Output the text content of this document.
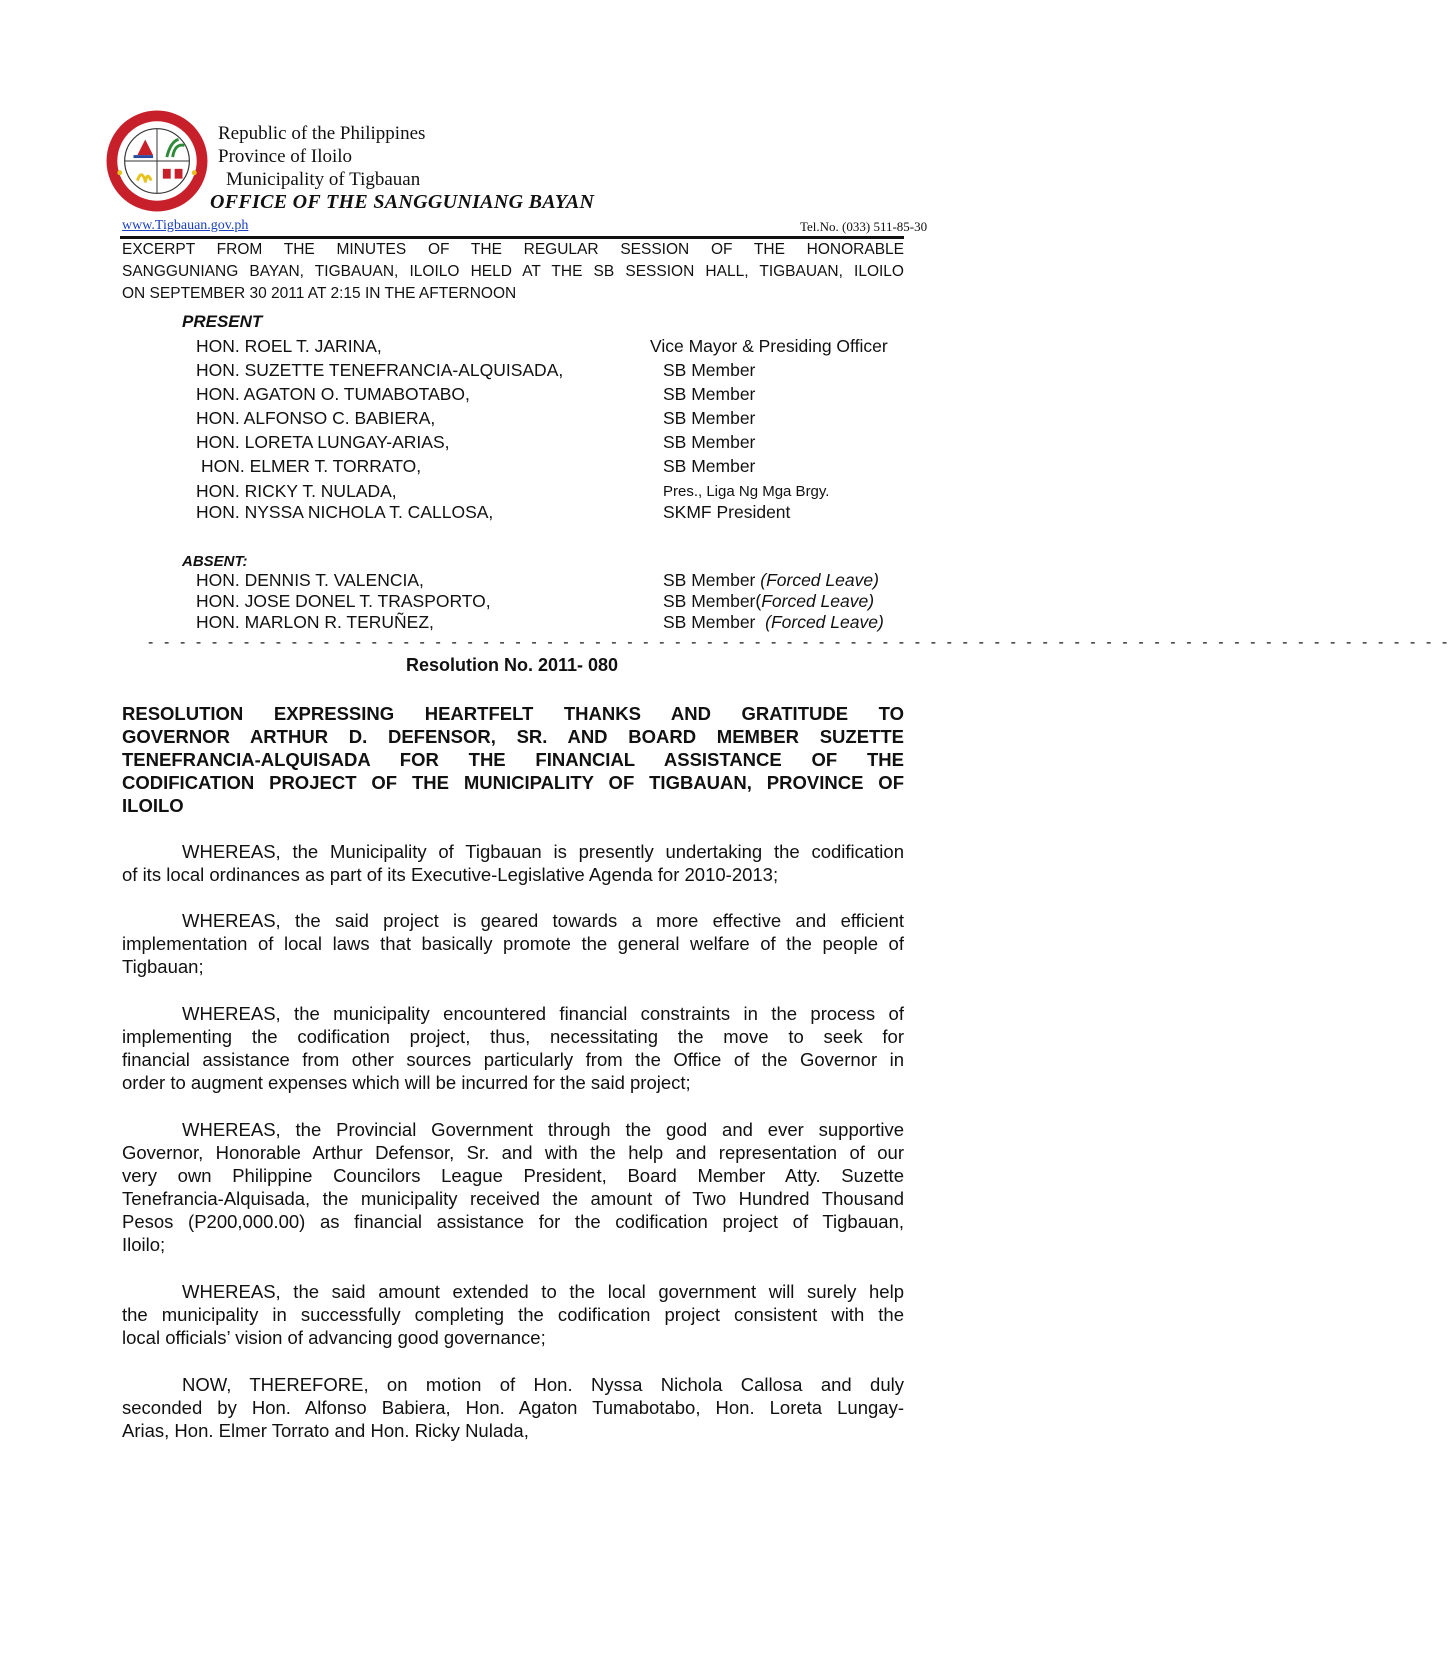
Republic of the Philippines
Province of Iloilo
Municipality of Tigbauan
OFFICE OF THE SANGGUNIANG BAYAN
www.Tigbauan.gov.ph	Tel.No. (033) 511-85-30
EXCERPT FROM THE MINUTES OF THE REGULAR SESSION OF THE HONORABLE
SANGGUNIANG BAYAN, TIGBAUAN, ILOILO HELD AT THE SB SESSION HALL, TIGBAUAN, ILOILO
ON SEPTEMBER 30 2011 AT 2:15 IN THE AFTERNOON
PRESENT
HON. ROEL T. JARINA,	Vice Mayor & Presiding Officer
HON. SUZETTE TENEFRANCIA-ALQUISADA,	SB Member
HON. AGATON O. TUMABOTABO,	SB Member
HON. ALFONSO C. BABIERA,	SB Member
HON. LORETA LUNGAY-ARIAS,	SB Member
HON. ELMER T. TORRATO,	SB Member
HON. RICKY T. NULADA,	Pres., Liga Ng Mga Brgy.
HON. NYSSA NICHOLA T. CALLOSA,	SKMF President
ABSENT:
HON. DENNIS T. VALENCIA,	SB Member (Forced Leave)
HON. JOSE DONEL T. TRASPORTO,	SB Member(Forced Leave)
HON. MARLON R. TERUÑEZ,	SB Member  (Forced Leave)
- - - - - - - - - - - - - - - - - - - - - - - - - - - - - - - - - - - - - - - - - - - - - - - - - - - - - - - - - - - - - - - - - - - - - - - - - - - - - - - - - -
Resolution No. 2011- 080
RESOLUTION EXPRESSING HEARTFELT THANKS AND GRATITUDE TO
GOVERNOR ARTHUR D. DEFENSOR, SR. AND BOARD MEMBER SUZETTE
TENEFRANCIA-ALQUISADA FOR THE FINANCIAL ASSISTANCE OF THE
CODIFICATION PROJECT OF THE MUNICIPALITY OF TIGBAUAN, PROVINCE OF
ILOILO
WHEREAS, the Municipality of Tigbauan is presently undertaking the codification
of its local ordinances as part of its Executive-Legislative Agenda for 2010-2013;
WHEREAS, the said project is geared towards a more effective and efficient
implementation of local laws that basically promote the general welfare of the people of
Tigbauan;
WHEREAS, the municipality encountered financial constraints in the process of
implementing the codification project, thus, necessitating the move to seek for
financial assistance from other sources particularly from the Office of the Governor in
order to augment expenses which will be incurred for the said project;
WHEREAS, the Provincial Government through the good and ever supportive
Governor, Honorable Arthur Defensor, Sr. and with the help and representation of our
very own Philippine Councilors League President, Board Member Atty. Suzette
Tenefrancia-Alquisada, the municipality received the amount of Two Hundred Thousand
Pesos (P200,000.00) as financial assistance for the codification project of Tigbauan,
Iloilo;
WHEREAS, the said amount extended to the local government will surely help
the municipality in successfully completing the codification project consistent with the
local officials’ vision of advancing good governance;
NOW, THEREFORE, on motion of Hon. Nyssa Nichola Callosa and duly
seconded by Hon. Alfonso Babiera, Hon. Agaton Tumabotabo, Hon. Loreta Lungay-
Arias, Hon. Elmer Torrato and Hon. Ricky Nulada,
